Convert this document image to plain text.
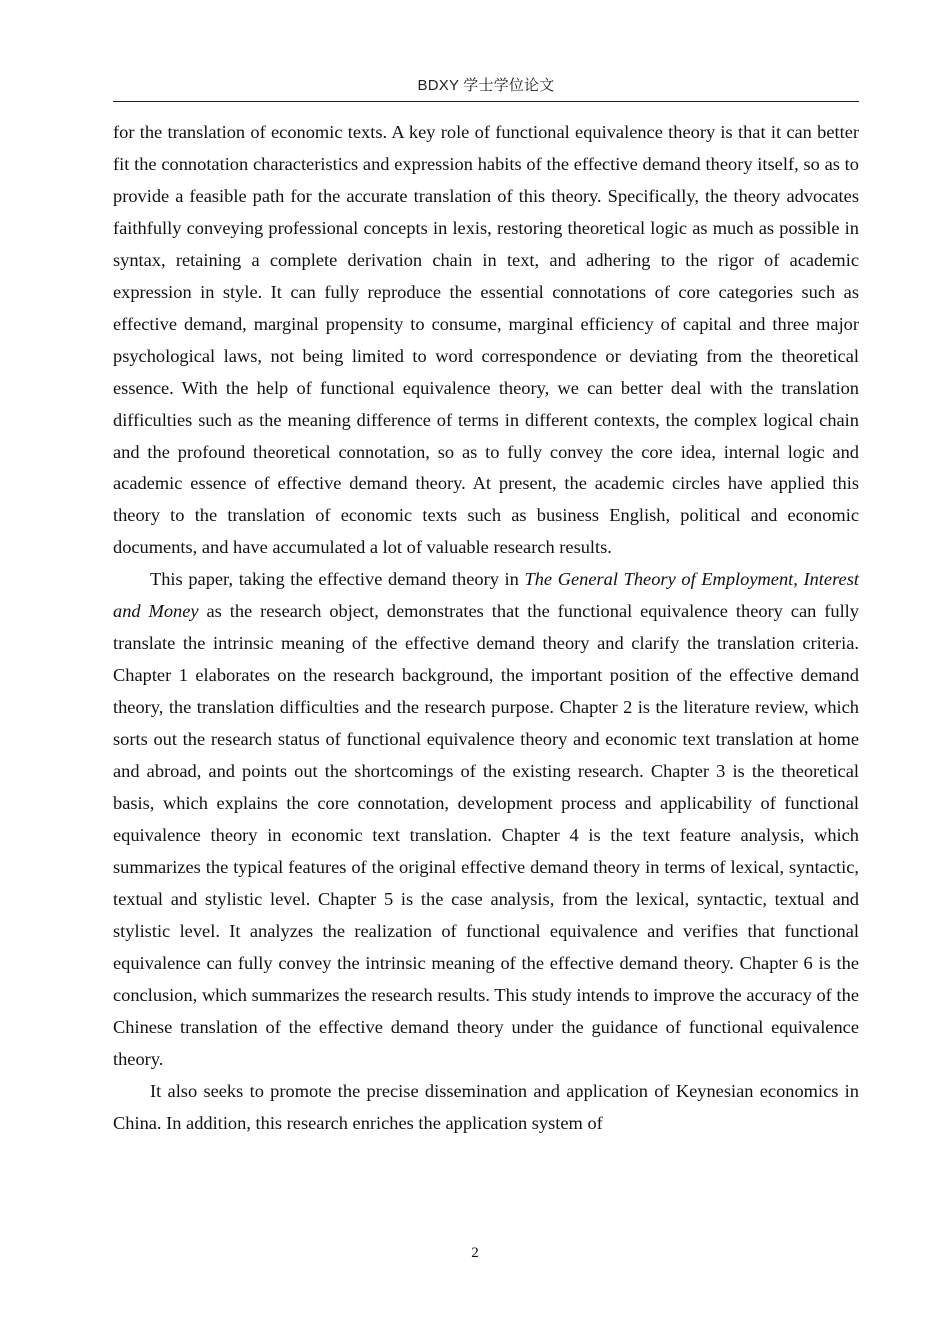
BDXY 学士学位论文

for the translation of economic texts. A key role of functional equivalence theory is that it can better fit the connotation characteristics and expression habits of the effective demand theory itself, so as to provide a feasible path for the accurate translation of this theory. Specifically, the theory advocates faithfully conveying professional concepts in lexis, restoring theoretical logic as much as possible in syntax, retaining a complete derivation chain in text, and adhering to the rigor of academic expression in style. It can fully reproduce the essential connotations of core categories such as effective demand, marginal propensity to consume, marginal efficiency of capital and three major psychological laws, not being limited to word correspondence or deviating from the theoretical essence. With the help of functional equivalence theory, we can better deal with the translation difficulties such as the meaning difference of terms in different contexts, the complex logical chain and the profound theoretical connotation, so as to fully convey the core idea, internal logic and academic essence of effective demand theory. At present, the academic circles have applied this theory to the translation of economic texts such as business English, political and economic documents, and have accumulated a lot of valuable research results.

This paper, taking the effective demand theory in The General Theory of Employment, Interest and Money as the research object, demonstrates that the functional equivalence theory can fully translate the intrinsic meaning of the effective demand theory and clarify the translation criteria. Chapter 1 elaborates on the research background, the important position of the effective demand theory, the translation difficulties and the research purpose. Chapter 2 is the literature review, which sorts out the research status of functional equivalence theory and economic text translation at home and abroad, and points out the shortcomings of the existing research. Chapter 3 is the theoretical basis, which explains the core connotation, development process and applicability of functional equivalence theory in economic text translation. Chapter 4 is the text feature analysis, which summarizes the typical features of the original effective demand theory in terms of lexical, syntactic, textual and stylistic level. Chapter 5 is the case analysis, from the lexical, syntactic, textual and stylistic level. It analyzes the realization of functional equivalence and verifies that functional equivalence can fully convey the intrinsic meaning of the effective demand theory. Chapter 6 is the conclusion, which summarizes the research results. This study intends to improve the accuracy of the Chinese translation of the effective demand theory under the guidance of functional equivalence theory.

It also seeks to promote the precise dissemination and application of Keynesian economics in China. In addition, this research enriches the application system of

2
